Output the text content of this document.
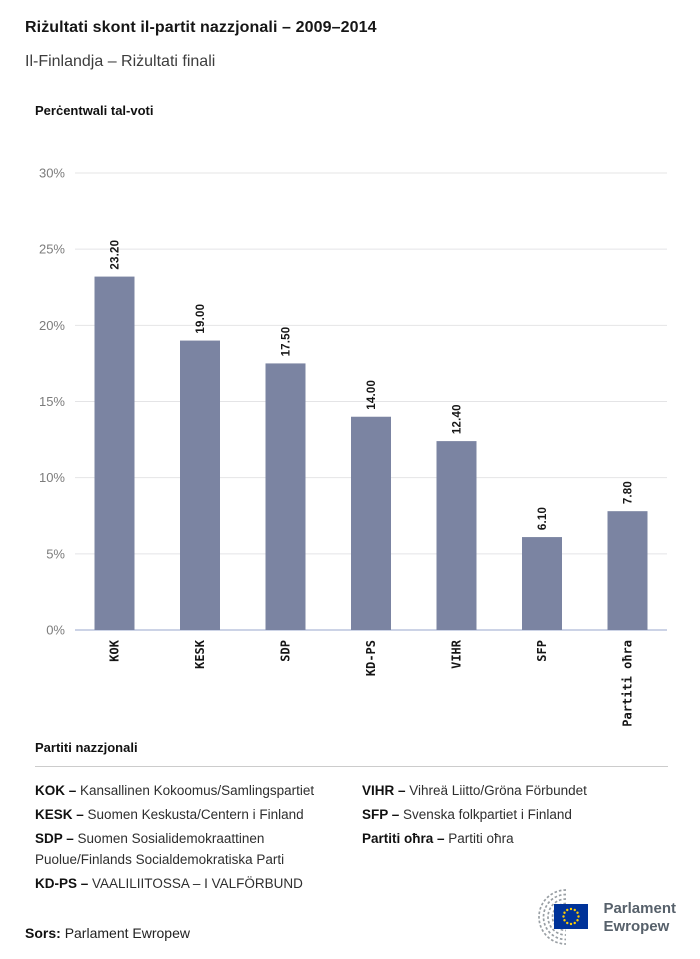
Riżultati skont il-partit nazzjonali – 2009–2014
Il-Finlandja – Riżultati finali
Perċentwali tal-voti
0%
5%
10%
15%
20%
25%
30%
23.20
KOK
19.00
KESK
17.50
SDP
14.00
KD-PS
12.40
VIHR
6.10
SFP
7.80
Partiti oħra
Partiti nazzjonali
KOK – Kansallinen Kokoomus/Samlingspartiet
KESK – Suomen Keskusta/Centern i Finland
SDP – Suomen Sosialidemokraattinen Puolue/Finlands Socialdemokratiska Parti
KD-PS – VAALILIITOSSA – I VALFÖRBUND
VIHR – Vihreä Liitto/Gröna Förbundet
SFP – Svenska folkpartiet i Finland
Partiti oħra – Partiti oħra
Sors: Parlament Ewropew
Parlament
Ewropew
